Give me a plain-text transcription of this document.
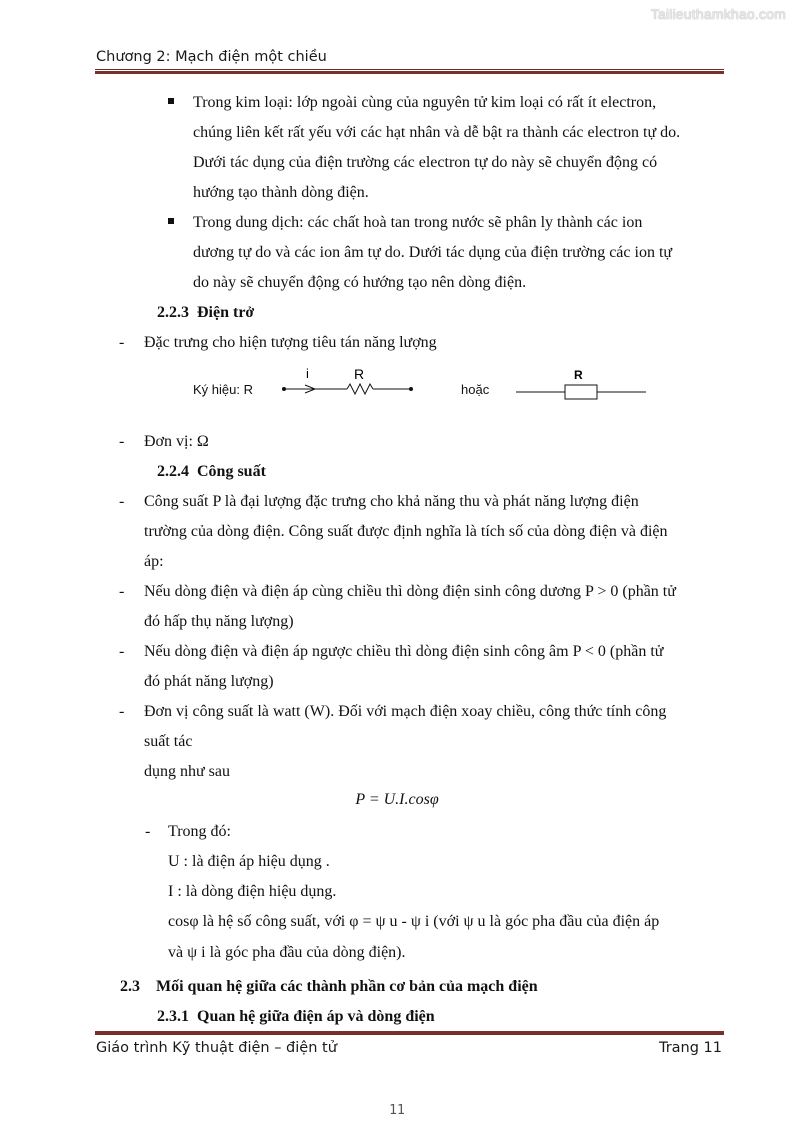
Tailieuthamkhao.com
Chương 2: Mạch điện một chiều
Trong kim loại: lớp ngoài cùng của nguyên tử kim loại có rất ít electron,
chúng liên kết rất yếu với các hạt nhân và dễ bật ra thành các electron tự do.
Dưới tác dụng của điện trường các electron tự do này sẽ chuyển động có
hướng tạo thành dòng điện.
Trong dung dịch: các chất hoà tan trong nước sẽ phân ly thành các ion
dương tự do và các ion âm tự do. Dưới tác dụng của điện trường các ion tự
do này sẽ chuyển động có hướng tạo nên dòng điện.
2.2.3 Điện trở
- Đặc trưng cho hiện tượng tiêu tán năng lượng
Ký hiệu: R
i	R
hoặc
R
- Đơn vị: Ω
2.2.4 Công suất
- Công suất P là đại lượng đặc trưng cho khả năng thu và phát năng lượng điện
trường của dòng điện. Công suất được định nghĩa là tích số của dòng điện và điện
áp:
- Nếu dòng điện và điện áp cùng chiều thì dòng điện sinh công dương P > 0 (phần tử
đó hấp thụ năng lượng)
- Nếu dòng điện và điện áp ngược chiều thì dòng điện sinh công âm P < 0 (phần tử
đó phát năng lượng)
- Đơn vị công suất là watt (W). Đối với mạch điện xoay chiều, công thức tính công
suất tác
dụng như sau
P = U.I.cosφ
- Trong đó:
U : là điện áp hiệu dụng .
I : là dòng điện hiệu dụng.
cosφ là hệ số công suất, với φ = ψ u - ψ i (với ψ u là góc pha đầu của điện áp
và ψ i là góc pha đầu của dòng điện).
2.3 Mối quan hệ giữa các thành phần cơ bản của mạch điện
2.3.1 Quan hệ giữa điện áp và dòng điện
Giáo trình Kỹ thuật điện – điện tử	Trang 11
11
